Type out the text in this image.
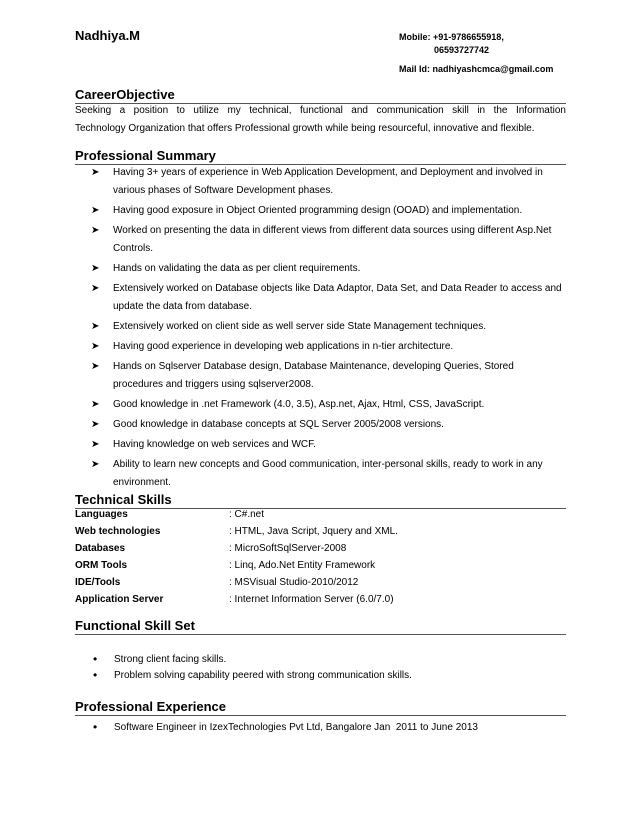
Nadhiya.M	Mobile: +91-9786655918,
06593727742
Mail Id: nadhiyashcmca@gmail.com
CareerObjective
Seeking a position to utilize my technical, functional and communication skill in the Information
Technology Organization that offers Professional growth while being resourceful, innovative and flexible.
Professional Summary
➤ Having 3+ years of experience in Web Application Development, and Deployment and involved in various phases of Software Development phases.
➤ Having good exposure in Object Oriented programming design (OOAD) and implementation.
➤ Worked on presenting the data in different views from different data sources using different Asp.Net Controls.
➤ Hands on validating the data as per client requirements.
➤ Extensively worked on Database objects like Data Adaptor, Data Set, and Data Reader to access and update the data from database.
➤ Extensively worked on client side as well server side State Management techniques.
➤ Having good experience in developing web applications in n-tier architecture.
➤ Hands on Sqlserver Database design, Database Maintenance, developing Queries, Stored procedures and triggers using sqlserver2008.
➤ Good knowledge in .net Framework (4.0, 3.5), Asp.net, Ajax, Html, CSS, JavaScript.
➤ Good knowledge in database concepts at SQL Server 2005/2008 versions.
➤ Having knowledge on web services and WCF.
➤ Ability to learn new concepts and Good communication, inter-personal skills, ready to work in any environment.
Technical Skills
Languages	: C#.net
Web technologies	: HTML, Java Script, Jquery and XML.
Databases	: MicroSoftSqlServer-2008
ORM Tools	: Linq, Ado.Net Entity Framework
IDE/Tools	: MSVisual Studio-2010/2012
Application Server	: Internet Information Server (6.0/7.0)
Functional Skill Set
• Strong client facing skills.
• Problem solving capability peered with strong communication skills.
Professional Experience
• Software Engineer in IzexTechnologies Pvt Ltd, Bangalore Jan  2011 to June 2013
